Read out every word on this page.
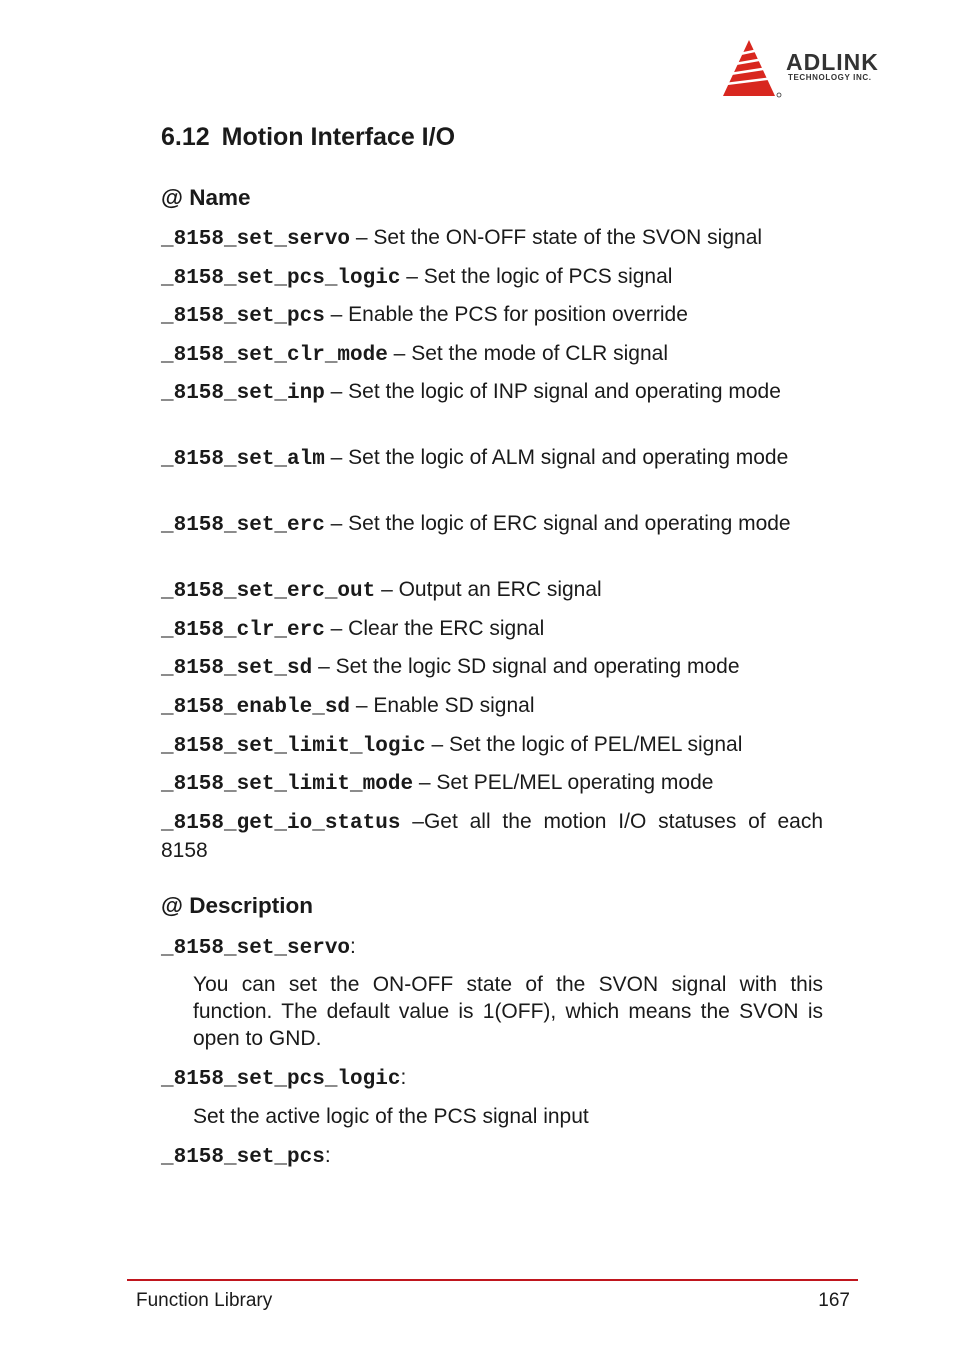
ADLINK
TECHNOLOGY INC.
6.12 Motion Interface I/O
@ Name

_8158_set_servo – Set the ON-OFF state of the SVON signal

_8158_set_pcs_logic – Set the logic of PCS signal

_8158_set_pcs – Enable the PCS for position override

_8158_set_clr_mode – Set the mode of CLR signal

_8158_set_inp – Set the logic of INP signal and operating mode

_8158_set_alm – Set the logic of ALM signal and operating mode

_8158_set_erc – Set the logic of ERC signal and operating mode

_8158_set_erc_out – Output an ERC signal

_8158_clr_erc – Clear the ERC signal

_8158_set_sd – Set the logic SD signal and operating mode

_8158_enable_sd – Enable SD signal

_8158_set_limit_logic – Set the logic of PEL/MEL signal

_8158_set_limit_mode – Set PEL/MEL operating mode

_8158_get_io_status –Get all the motion I/O statuses of each 8158

@ Description

_8158_set_servo:

You can set the ON-OFF state of the SVON signal with this function. The default value is 1(OFF), which means the SVON is open to GND.

_8158_set_pcs_logic:

Set the active logic of the PCS signal input

_8158_set_pcs:

Function Library	167
